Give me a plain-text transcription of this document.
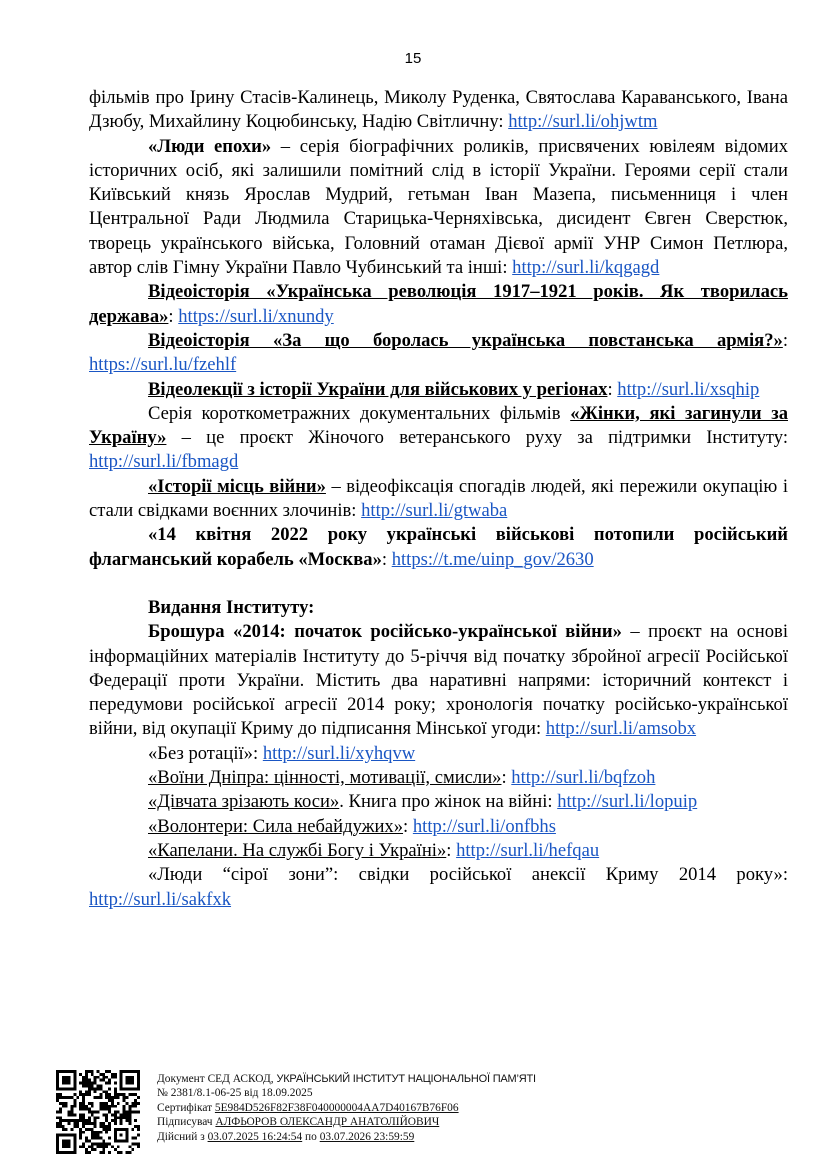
15

фільмів про Ірину Стасів-Калинець, Миколу Руденка, Святослава Караванського, Івана Дзюбу, Михайлину Коцюбинську, Надію Світличну: http://surl.li/ohjwtm

«Люди епохи» – серія біографічних роликів, присвячених ювілеям відомих історичних осіб, які залишили помітний слід в історії України. Героями серії стали Київський князь Ярослав Мудрий, гетьман Іван Мазепа, письменниця і член Центральної Ради Людмила Старицька-Черняхівська, дисидент Євген Сверстюк, творець українського війська, Головний отаман Дієвої армії УНР Симон Петлюра, автор слів Гімну України Павло Чубинський та інші: http://surl.li/kqgagd

Відеоісторія «Українська революція 1917–1921 років. Як творилась держава»: https://surl.li/xnundy

Відеоісторія «За що боролась українська повстанська армія?»: https://surl.lu/fzehlf

Відеолекції з історії України для військових у регіонах: http://surl.li/xsqhip

Серія короткометражних документальних фільмів «Жінки, які загинули за Україну» – це проєкт Жіночого ветеранського руху за підтримки Інституту: http://surl.li/fbmagd

«Історії місць війни» – відеофіксація спогадів людей, які пережили окупацію і стали свідками воєнних злочинів: http://surl.li/gtwaba

«14 квітня 2022 року українські військові потопили російський флагманський корабель «Москва»: https://t.me/uinp_gov/2630

Видання Інституту:

Брошура «2014: початок російсько-української війни» – проєкт на основі інформаційних матеріалів Інституту до 5-річчя від початку збройної агресії Російської Федерації проти України. Містить два наративні напрями: історичний контекст і передумови російської агресії 2014 року; хронологія початку російсько-української війни, від окупації Криму до підписання Мінської угоди: http://surl.li/amsobx

«Без ротації»: http://surl.li/xyhqvw

«Воїни Дніпра: цінності, мотивації, смисли»: http://surl.li/bqfzoh

«Дівчата зрізають коси». Книга про жінок на війні: http://surl.li/lopuip

«Волонтери: Сила небайдужих»: http://surl.li/onfbhs

«Капелани. На службі Богу і Україні»: http://surl.li/hefqau

«Люди “сірої зони”: свідки російської анексії Криму 2014 року»: http://surl.li/sakfxk

Документ СЕД АСКОД, УКРАЇНСЬКИЙ ІНСТИТУТ НАЦІОНАЛЬНОЇ ПАМ’ЯТІ
№ 2381/8.1-06-25 від 18.09.2025
Сертифікат 5E984D526F82F38F040000004AA7D40167B76F06
Підписувач АЛФЬОРОВ ОЛЕКСАНДР АНАТОЛІЙОВИЧ
Дійсний з 03.07.2025 16:24:54 по 03.07.2026 23:59:59
